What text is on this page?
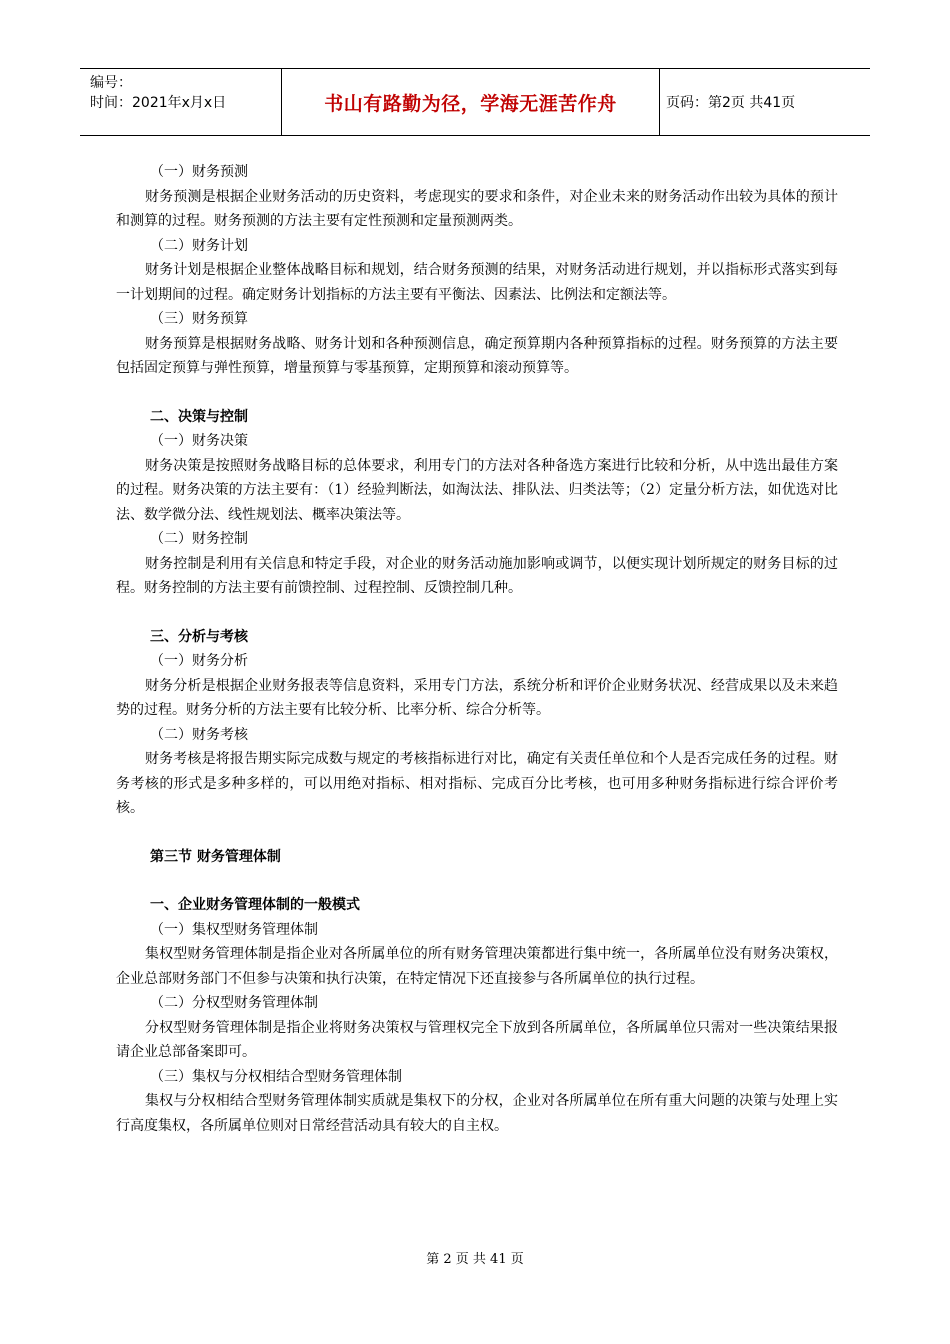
编号：
时间：2021年x月x日	书山有路勤为径，学海无涯苦作舟	页码：第2页 共41页

（一）财务预测

财务预测是根据企业财务活动的历史资料，考虑现实的要求和条件，对企业未来的财务活动作出较为具体的预计和测算的过程。财务预测的方法主要有定性预测和定量预测两类。

（二）财务计划

财务计划是根据企业整体战略目标和规划，结合财务预测的结果，对财务活动进行规划，并以指标形式落实到每一计划期间的过程。确定财务计划指标的方法主要有平衡法、因素法、比例法和定额法等。

（三）财务预算

财务预算是根据财务战略、财务计划和各种预测信息，确定预算期内各种预算指标的过程。财务预算的方法主要包括固定预算与弹性预算，增量预算与零基预算，定期预算和滚动预算等。

二、决策与控制

（一）财务决策

财务决策是按照财务战略目标的总体要求，利用专门的方法对各种备选方案进行比较和分析，从中选出最佳方案的过程。财务决策的方法主要有：（1）经验判断法，如淘汰法、排队法、归类法等；（2）定量分析方法，如优选对比法、数学微分法、线性规划法、概率决策法等。

（二）财务控制

财务控制是利用有关信息和特定手段，对企业的财务活动施加影响或调节，以便实现计划所规定的财务目标的过程。财务控制的方法主要有前馈控制、过程控制、反馈控制几种。

三、分析与考核

（一）财务分析

财务分析是根据企业财务报表等信息资料，采用专门方法，系统分析和评价企业财务状况、经营成果以及未来趋势的过程。财务分析的方法主要有比较分析、比率分析、综合分析等。

（二）财务考核

财务考核是将报告期实际完成数与规定的考核指标进行对比，确定有关责任单位和个人是否完成任务的过程。财务考核的形式是多种多样的，可以用绝对指标、相对指标、完成百分比考核，也可用多种财务指标进行综合评价考核。

第三节 财务管理体制

一、企业财务管理体制的一般模式

（一）集权型财务管理体制

集权型财务管理体制是指企业对各所属单位的所有财务管理决策都进行集中统一，各所属单位没有财务决策权，企业总部财务部门不但参与决策和执行决策，在特定情况下还直接参与各所属单位的执行过程。

（二）分权型财务管理体制

分权型财务管理体制是指企业将财务决策权与管理权完全下放到各所属单位，各所属单位只需对一些决策结果报请企业总部备案即可。

（三）集权与分权相结合型财务管理体制

集权与分权相结合型财务管理体制实质就是集权下的分权，企业对各所属单位在所有重大问题的决策与处理上实行高度集权，各所属单位则对日常经营活动具有较大的自主权。

第 2 页 共 41 页
